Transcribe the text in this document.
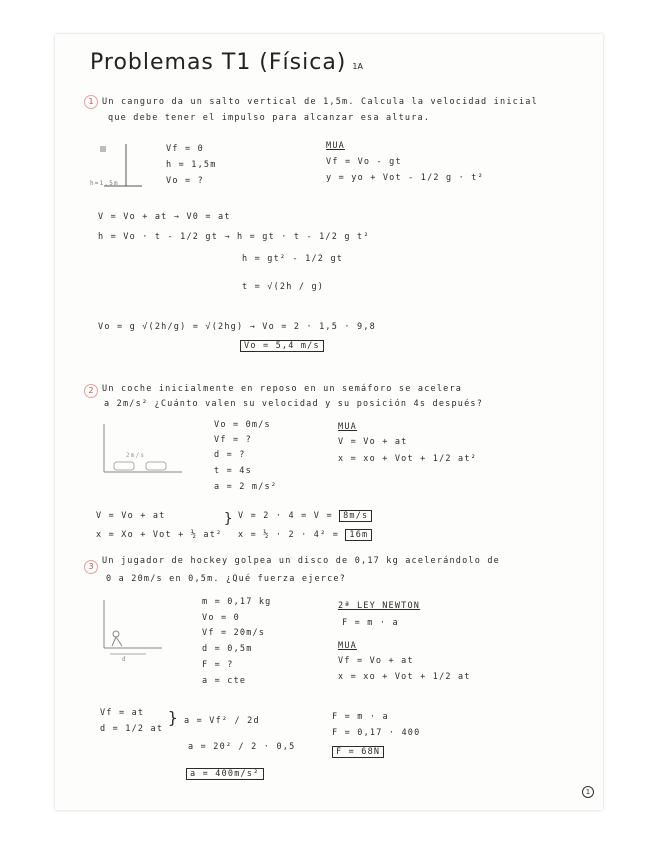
Problemas T1 (Física) 1A
1 Un canguro da un salto vertical de 1,5m. Calcula la velocidad inicial
que debe tener el impulso para alcanzar esa altura.
h=1,5m
Vf = 0
h = 1,5m
Vo = ?
MUA
Vf = Vo - gt
y = yo + Vot - 1/2 g · t²
V = Vo + at → V0 = at
h = Vo · t - 1/2 gt → h = gt · t - 1/2 g t²
h = gt² - 1/2 gt
t = √(2h / g)
Vo = g √(2h/g) = √(2hg) → Vo = 2 · 1,5 · 9,8
Vo = 5,4 m/s
2 Un coche inicialmente en reposo en un semáforo se acelera
a 2m/s² ¿Cuánto valen su velocidad y su posición 4s después?
2m/s
Vo = 0m/s
Vf = ?
d = ?
t = 4s
a = 2 m/s²
MUA
V = Vo + at
x = xo + Vot + 1/2 at²
V = Vo + at
x = Xo + Vot + ½ at²
} V = 2 · 4 = V = 8m/s
x = ½ · 2 · 4² = 16m
3
Un jugador de hockey golpea un disco de 0,17 kg acelerándolo de
0 a 20m/s en 0,5m. ¿Qué fuerza ejerce?
d
m = 0,17 kg
Vo = 0
Vf = 20m/s
d = 0,5m
F = ?
a = cte
2ª LEY NEWTON
F = m · a
MUA
Vf = Vo + at
x = xo + Vot + 1/2 at
Vf = at
d = 1/2 at
} a = Vf² / 2d
a = 20² / 2 · 0,5
a = 400m/s²
F = m · a
F = 0,17 · 400
F = 68N
1
